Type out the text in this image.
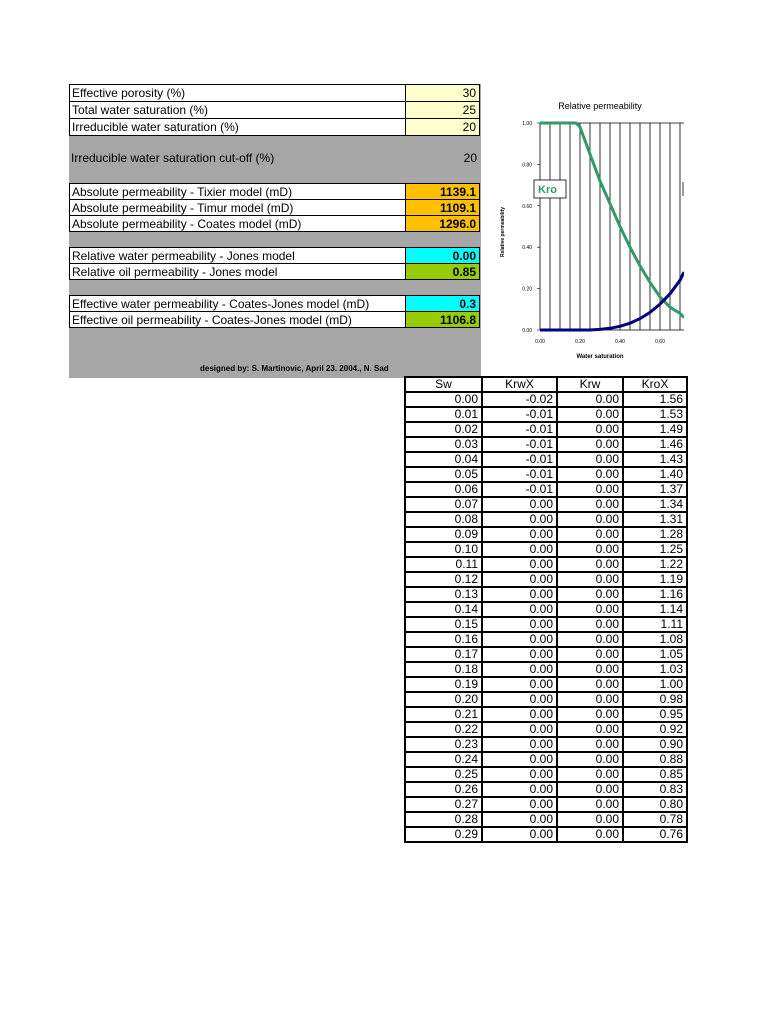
Effective porosity (%)	30
Total water saturation (%)	25
Irreducible water saturation (%)	20
Irreducible water saturation cut-off (%)	20
Absolute permeability - Tixier model (mD)	1139.1
Absolute permeability - Timur model (mD)	1109.1
Absolute permeability - Coates model (mD)	1296.0
Relative water permeability - Jones model	0.00
Relative oil permeability - Jones model	0.85
Effective water permeability - Coates-Jones model (mD)	0.3
Effective oil permeability - Coates-Jones model (mD)	1106.8
designed by: S. Martinovic, April 23. 2004., N. Sad
Relative permeability
Water saturation
Relative permeability
0.00
0.20
0.40
0.60
0.80
1.00
0.00	0.20	0.40	0.60
Kro
Sw	KrwX	Krw	KroX
0.00	-0.02	0.00	1.56
0.01	-0.01	0.00	1.53
0.02	-0.01	0.00	1.49
0.03	-0.01	0.00	1.46
0.04	-0.01	0.00	1.43
0.05	-0.01	0.00	1.40
0.06	-0.01	0.00	1.37
0.07	0.00	0.00	1.34
0.08	0.00	0.00	1.31
0.09	0.00	0.00	1.28
0.10	0.00	0.00	1.25
0.11	0.00	0.00	1.22
0.12	0.00	0.00	1.19
0.13	0.00	0.00	1.16
0.14	0.00	0.00	1.14
0.15	0.00	0.00	1.11
0.16	0.00	0.00	1.08
0.17	0.00	0.00	1.05
0.18	0.00	0.00	1.03
0.19	0.00	0.00	1.00
0.20	0.00	0.00	0.98
0.21	0.00	0.00	0.95
0.22	0.00	0.00	0.92
0.23	0.00	0.00	0.90
0.24	0.00	0.00	0.88
0.25	0.00	0.00	0.85
0.26	0.00	0.00	0.83
0.27	0.00	0.00	0.80
0.28	0.00	0.00	0.78
0.29	0.00	0.00	0.76
